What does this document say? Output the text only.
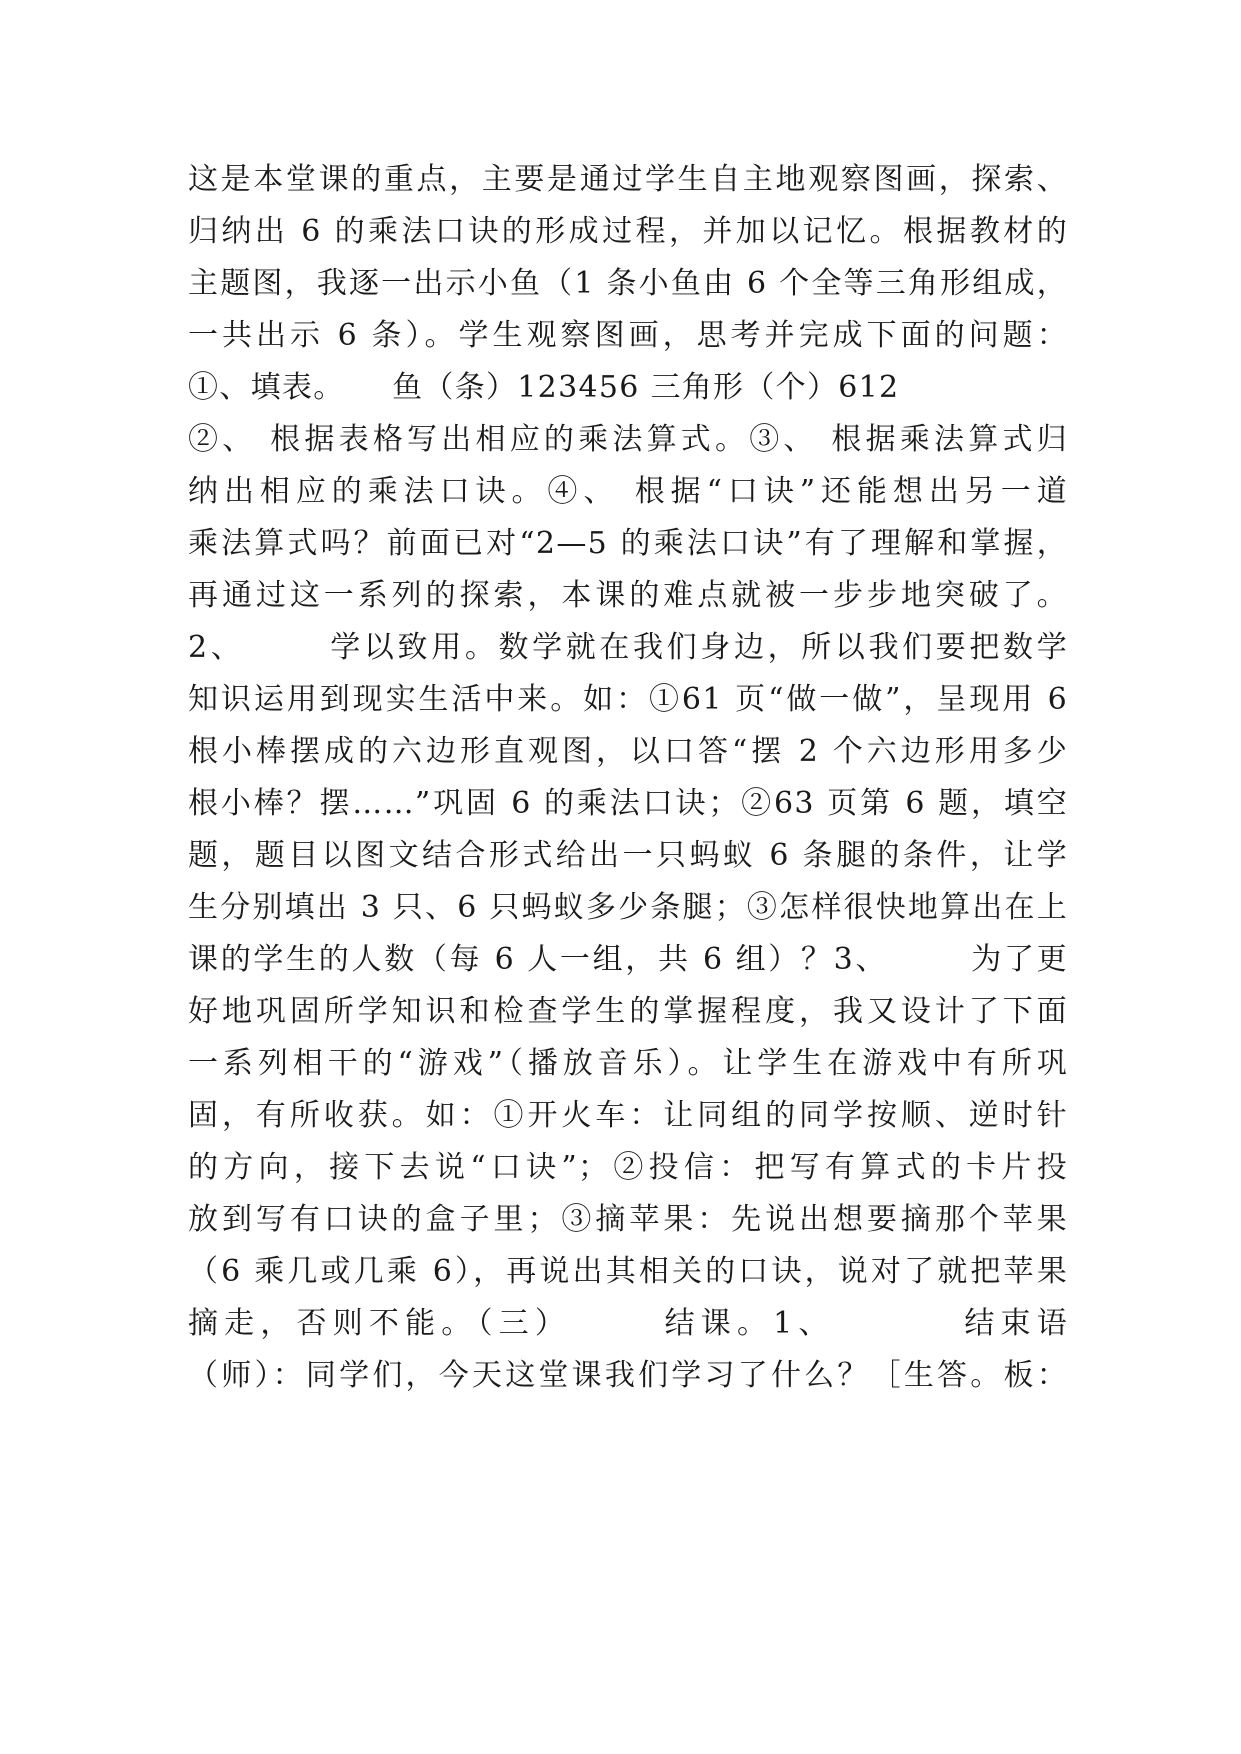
这是本堂课的重点，主要是通过学生自主地观察图画，探索、
归纳出 6 的乘法口诀的形成过程，并加以记忆。根据教材的
主题图，我逐一出示小鱼（1 条小鱼由 6 个全等三角形组成，
一共出示 6 条）。学生观察图画，思考并完成下面的问题：
①、填表。　　鱼（条）123456 三角形（个）612
②、 根据表格写出相应的乘法算式。③、 根据乘法算式归
纳出相应的乘法口诀。④、 根据“口诀”还能想出另一道
乘法算式吗？前面已对“2—5 的乘法口诀”有了理解和掌握，
再通过这一系列的探索，本课的难点就被一步步地突破了。
2、　　　学以致用。数学就在我们身边，所以我们要把数学
知识运用到现实生活中来。如：①61 页“做一做”，呈现用 6
根小棒摆成的六边形直观图，以口答“摆 2 个六边形用多少
根小棒？摆……”巩固 6 的乘法口诀；②63 页第 6 题，填空
题，题目以图文结合形式给出一只蚂蚁 6 条腿的条件，让学
生分别填出 3 只、6 只蚂蚁多少条腿；③怎样很快地算出在上
课的学生的人数（每 6 人一组，共 6 组）？3、　　　为了更
好地巩固所学知识和检查学生的掌握程度，我又设计了下面
一系列相干的“游戏”（播放音乐）。让学生在游戏中有所巩
固，有所收获。如：①开火车：让同组的同学按顺、逆时针
的方向，接下去说“口诀”；②投信：把写有算式的卡片投
放到写有口诀的盒子里；③摘苹果：先说出想要摘那个苹果
（6 乘几或几乘 6），再说出其相关的口诀，说对了就把苹果
摘走，否则不能。（三）　　　结课。1、　　　　结束语
（师）：同学们，今天这堂课我们学习了什么？［生答。板：
